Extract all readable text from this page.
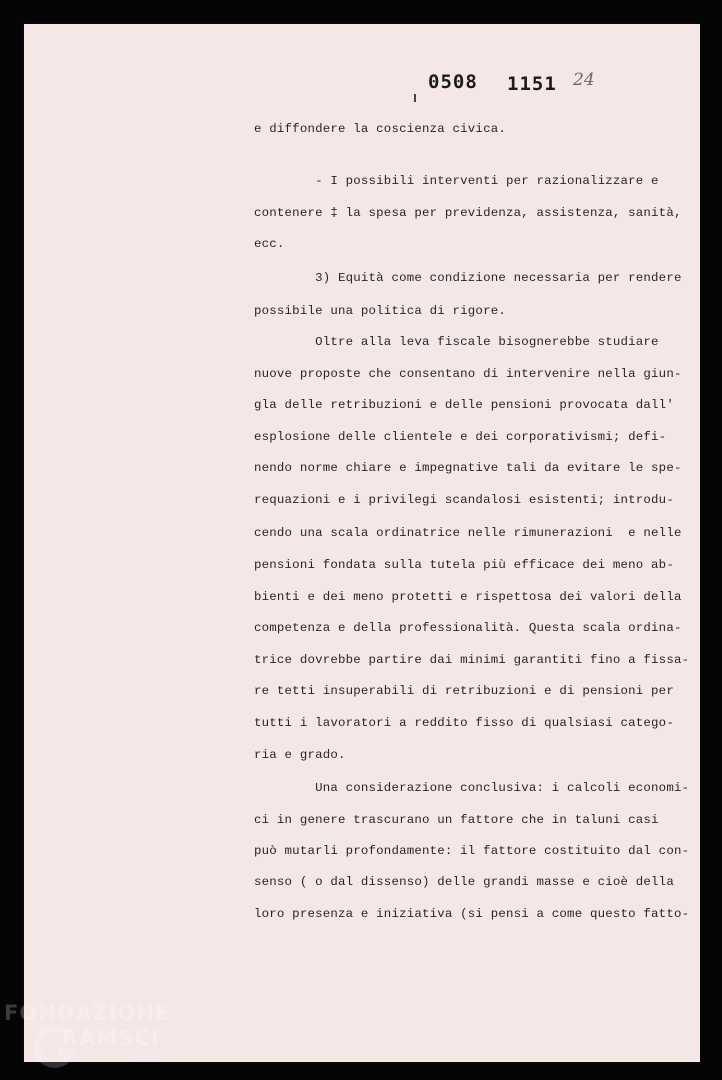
0508 1151 24
e diffondere la coscienza civica.
- I possibili interventi per razionalizzare e
contenere ‡ la spesa per previdenza, assistenza, sanità,
ecc.
3) Equità come condizione necessaria per rendere
possibile una politica di rigore.
Oltre alla leva fiscale bisognerebbe studiare
nuove proposte che consentano di intervenire nella giun-
gla delle retribuzioni e delle pensioni provocata dall'
esplosione delle clientele e dei corporativismi; defi-
nendo norme chiare e impegnative tali da evitare le spe-
requazioni e i privilegi scandalosi esistenti; introdu-
cendo una scala ordinatrice nelle rimunerazioni  e nelle
pensioni fondata sulla tutela più efficace dei meno ab-
bienti e dei meno protetti e rispettosa dei valori della
competenza e della professionalità. Questa scala ordina-
trice dovrebbe partire dai minimi garantiti fino a fissa-
re tetti insuperabili di retribuzioni e di pensioni per
tutti i lavoratori a reddito fisso di qualsiasi catego-
ria e grado.
Una considerazione conclusiva: i calcoli economi-
ci in genere trascurano un fattore che in taluni casi
può mutarli profondamente: il fattore costituito dal con-
senso ( o dal dissenso) delle grandi masse e cioè della
loro presenza e iniziativa (si pensi a come questo fatto-
FONDAZIONE
RAMSCI
onlus
